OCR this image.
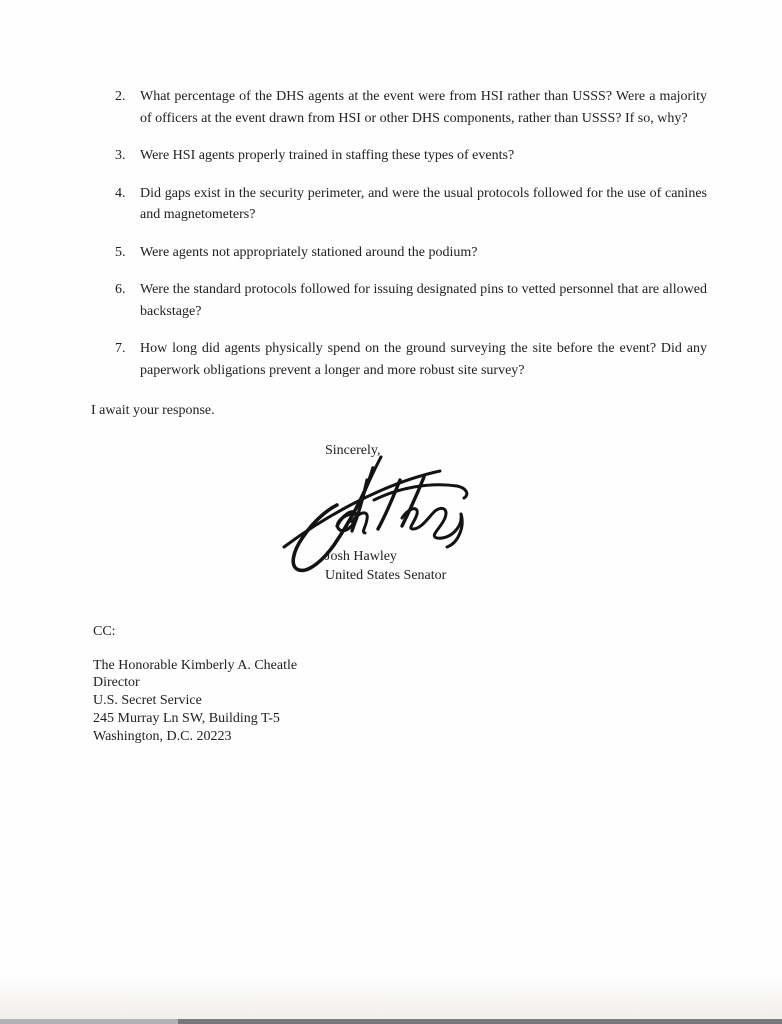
2.	What percentage of the DHS agents at the event were from HSI rather than USSS? Were a majority of officers at the event drawn from HSI or other DHS components, rather than USSS? If so, why?
3.	Were HSI agents properly trained in staffing these types of events?
4.	Did gaps exist in the security perimeter, and were the usual protocols followed for the use of canines and magnetometers?
5.	Were agents not appropriately stationed around the podium?
6.	Were the standard protocols followed for issuing designated pins to vetted personnel that are allowed backstage?
7.	How long did agents physically spend on the ground surveying the site before the event? Did any paperwork obligations prevent a longer and more robust site survey?

I await your response.

Sincerely,

Josh Hawley

United States Senator

CC:

The Honorable Kimberly A. Cheatle

Director

U.S. Secret Service

245 Murray Ln SW, Building T-5

Washington, D.C. 20223
